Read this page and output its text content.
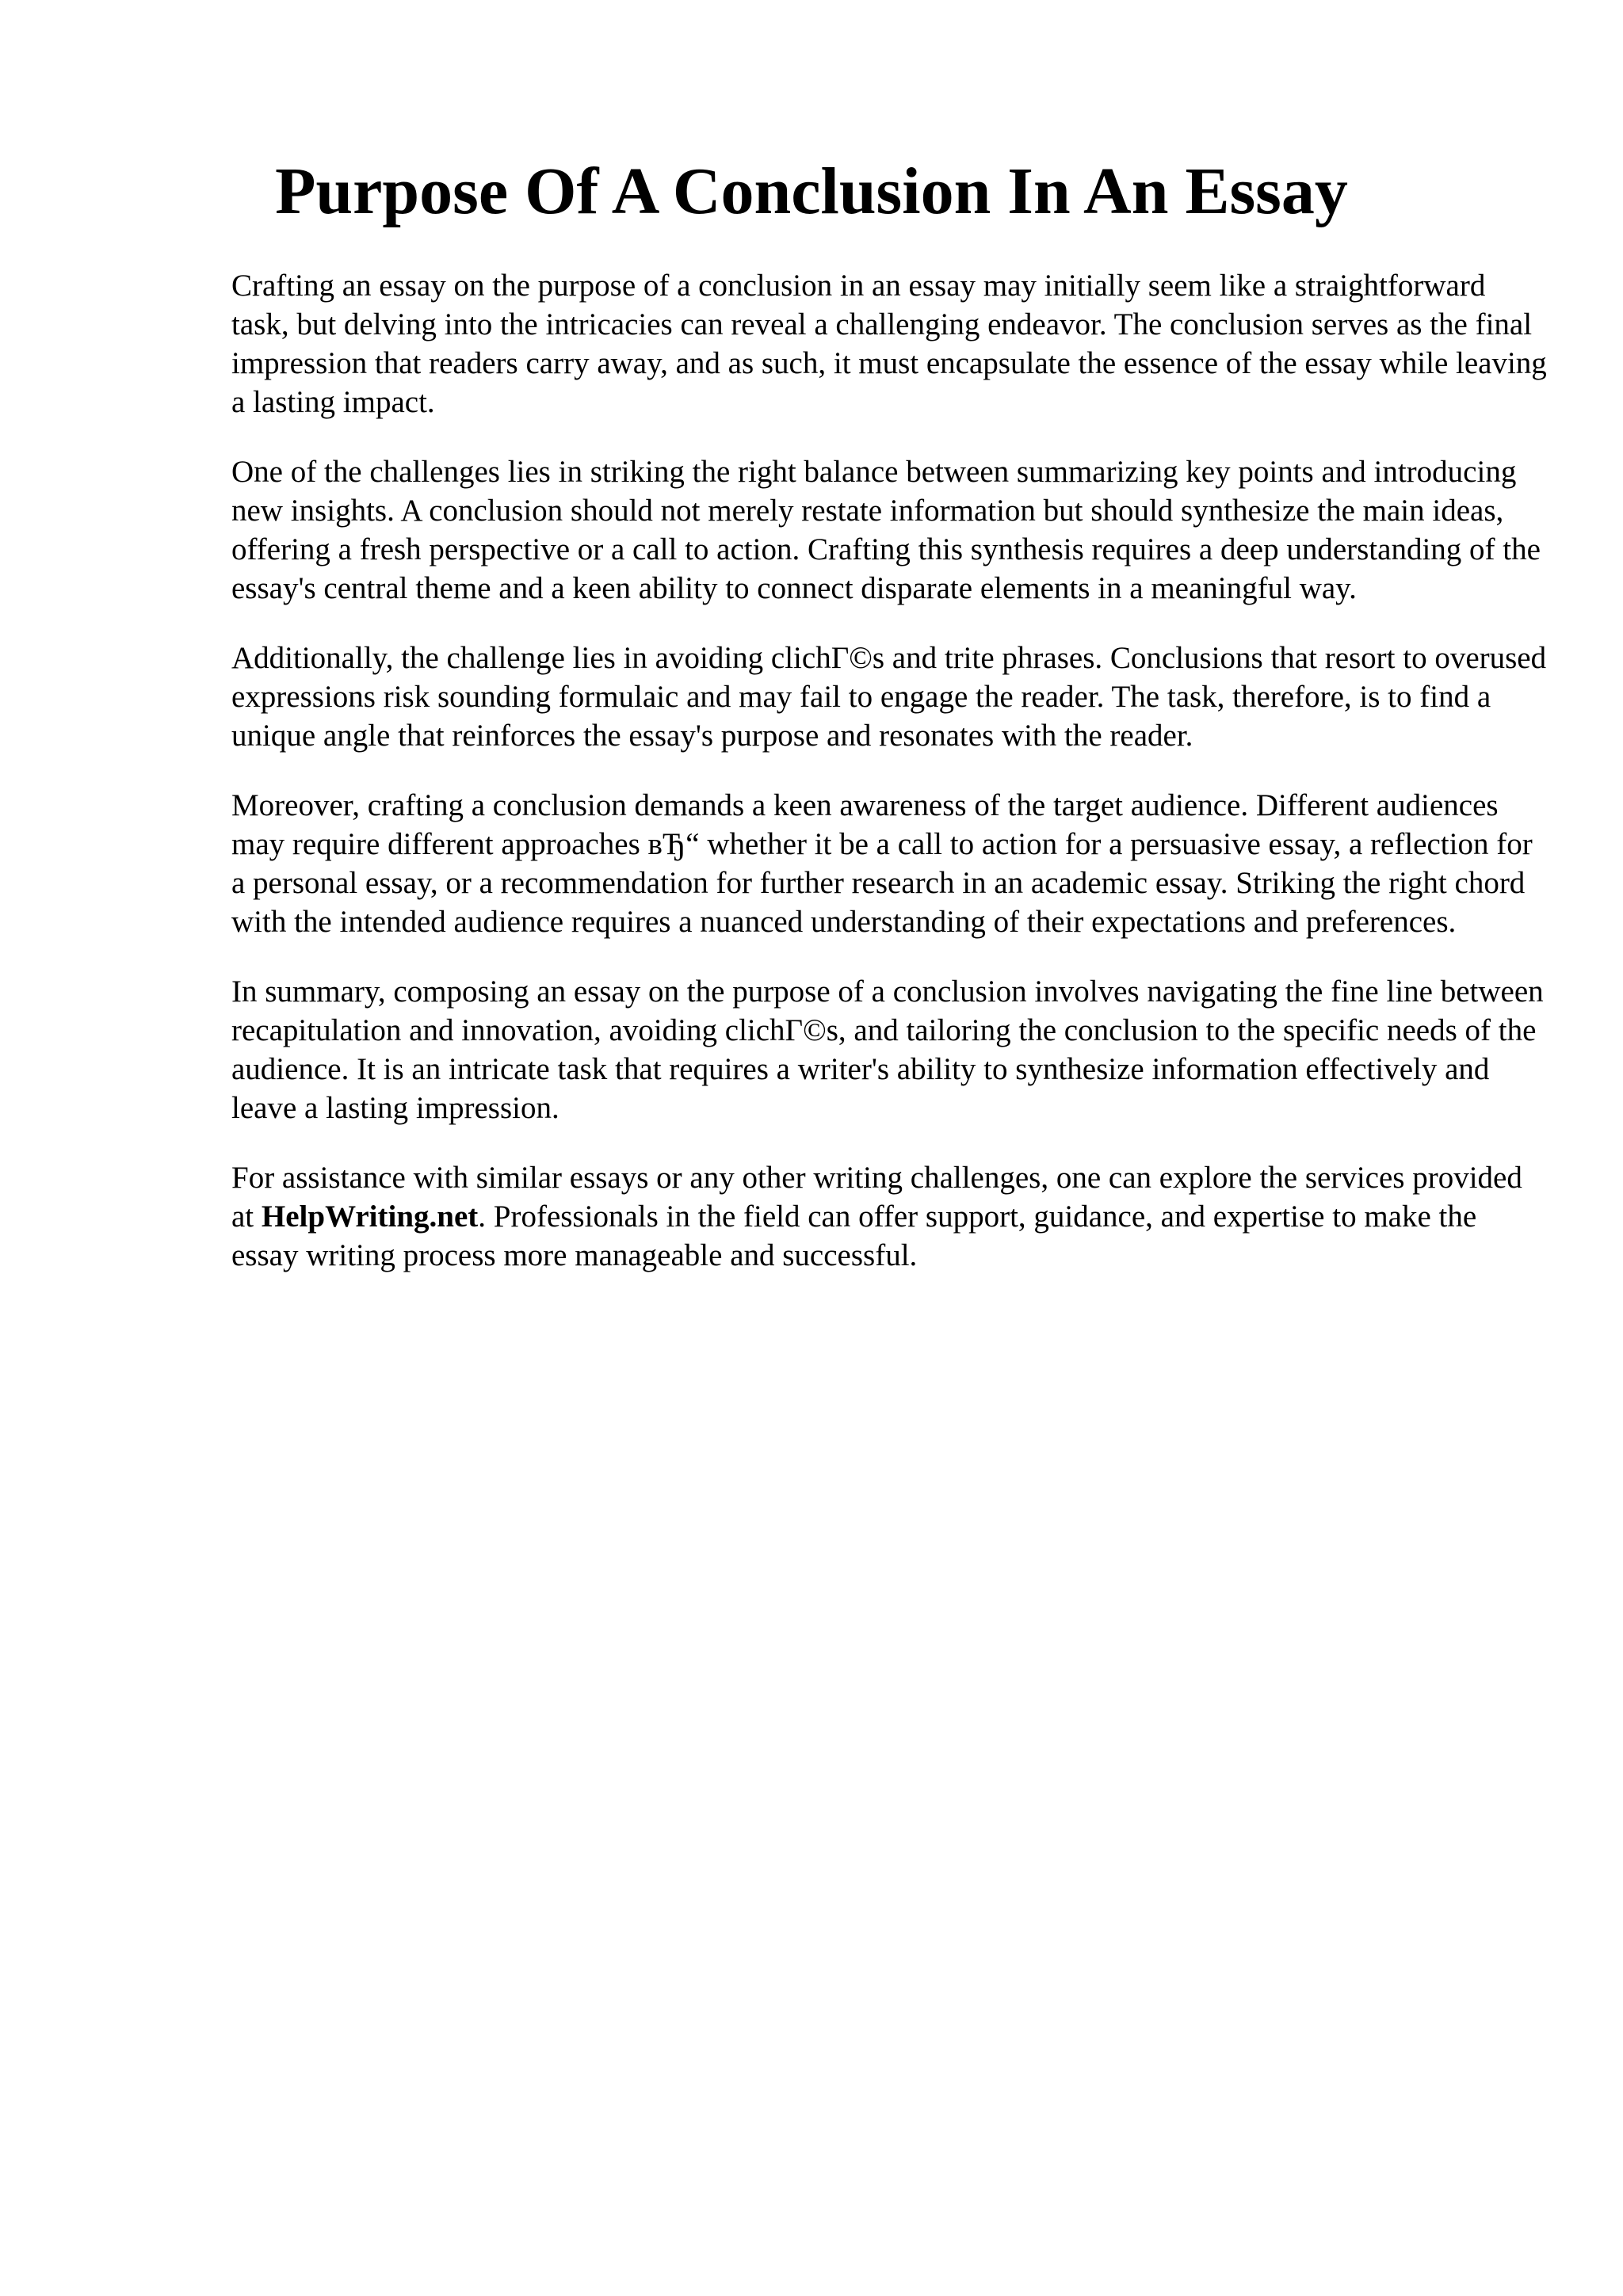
Purpose Of A Conclusion In An Essay

Crafting an essay on the purpose of a conclusion in an essay may initially seem like a straightforward task, but delving into the intricacies can reveal a challenging endeavor. The conclusion serves as the final impression that readers carry away, and as such, it must encapsulate the essence of the essay while leaving a lasting impact.

One of the challenges lies in striking the right balance between summarizing key points and introducing new insights. A conclusion should not merely restate information but should synthesize the main ideas, offering a fresh perspective or a call to action. Crafting this synthesis requires a deep understanding of the essay's central theme and a keen ability to connect disparate elements in a meaningful way.

Additionally, the challenge lies in avoiding clichГ©s and trite phrases. Conclusions that resort to overused expressions risk sounding formulaic and may fail to engage the reader. The task, therefore, is to find a unique angle that reinforces the essay's purpose and resonates with the reader.

Moreover, crafting a conclusion demands a keen awareness of the target audience. Different audiences may require different approaches вЂ“ whether it be a call to action for a persuasive essay, a reflection for a personal essay, or a recommendation for further research in an academic essay. Striking the right chord with the intended audience requires a nuanced understanding of their expectations and preferences.

In summary, composing an essay on the purpose of a conclusion involves navigating the fine line between recapitulation and innovation, avoiding clichГ©s, and tailoring the conclusion to the specific needs of the audience. It is an intricate task that requires a writer's ability to synthesize information effectively and leave a lasting impression.

For assistance with similar essays or any other writing challenges, one can explore the services provided at HelpWriting.net. Professionals in the field can offer support, guidance, and expertise to make the essay writing process more manageable and successful.
